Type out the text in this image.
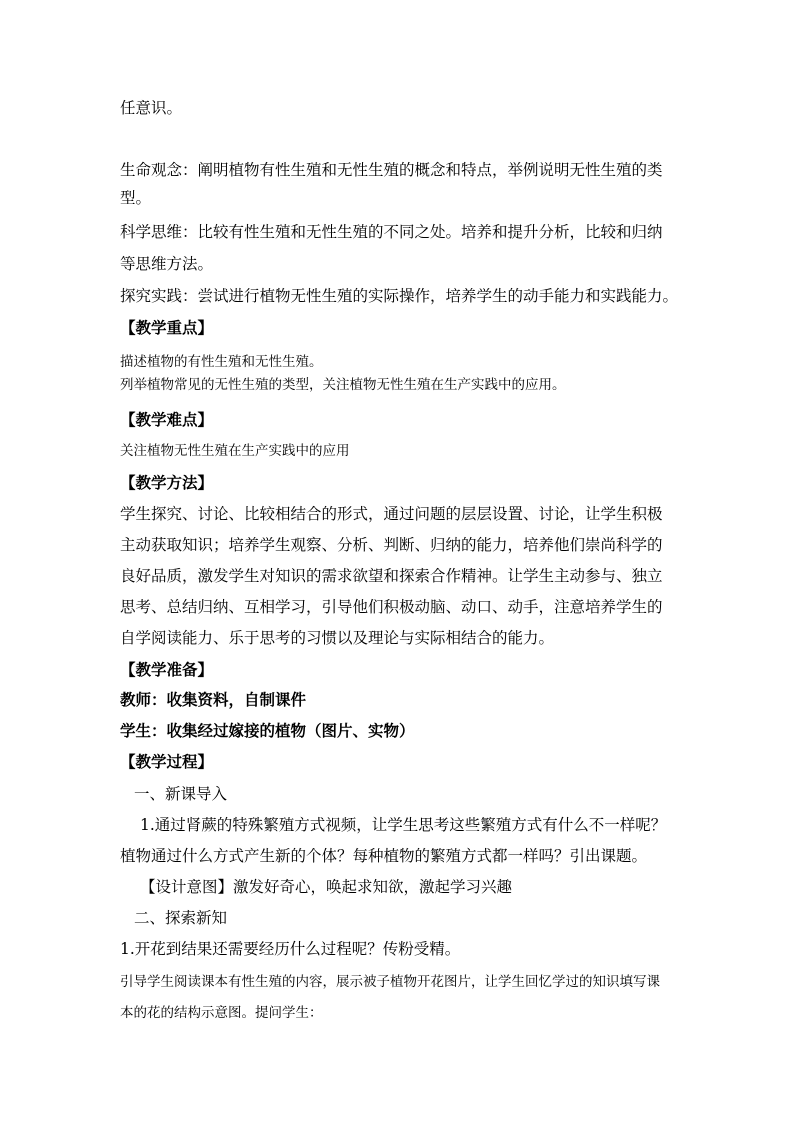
任意识。
生命观念：阐明植物有性生殖和无性生殖的概念和特点，举例说明无性生殖的类
型。
科学思维：比较有性生殖和无性生殖的不同之处。培养和提升分析，比较和归纳
等思维方法。
探究实践：尝试进行植物无性生殖的实际操作，培养学生的动手能力和实践能力。
【教学重点】
描述植物的有性生殖和无性生殖。
列举植物常见的无性生殖的类型，关注植物无性生殖在生产实践中的应用。
【教学难点】
关注植物无性生殖在生产实践中的应用
【教学方法】
学生探究、讨论、比较相结合的形式，通过问题的层层设置、讨论，让学生积极
主动获取知识；培养学生观察、分析、判断、归纳的能力，培养他们崇尚科学的
良好品质，激发学生对知识的需求欲望和探索合作精神。让学生主动参与、独立
思考、总结归纳、互相学习，引导他们积极动脑、动口、动手，注意培养学生的
自学阅读能力、乐于思考的习惯以及理论与实际相结合的能力。
【教学准备】
教师：收集资料，自制课件
学生：收集经过嫁接的植物（图片、实物）
【教学过程】
一、新课导入
1.通过肾蕨的特殊繁殖方式视频，让学生思考这些繁殖方式有什么不一样呢？
植物通过什么方式产生新的个体？每种植物的繁殖方式都一样吗？引出课题。
【设计意图】激发好奇心，唤起求知欲，激起学习兴趣
二、探索新知
1.开花到结果还需要经历什么过程呢？传粉受精。
引导学生阅读课本有性生殖的内容，展示被子植物开花图片，让学生回忆学过的知识填写课
本的花的结构示意图。提问学生：
